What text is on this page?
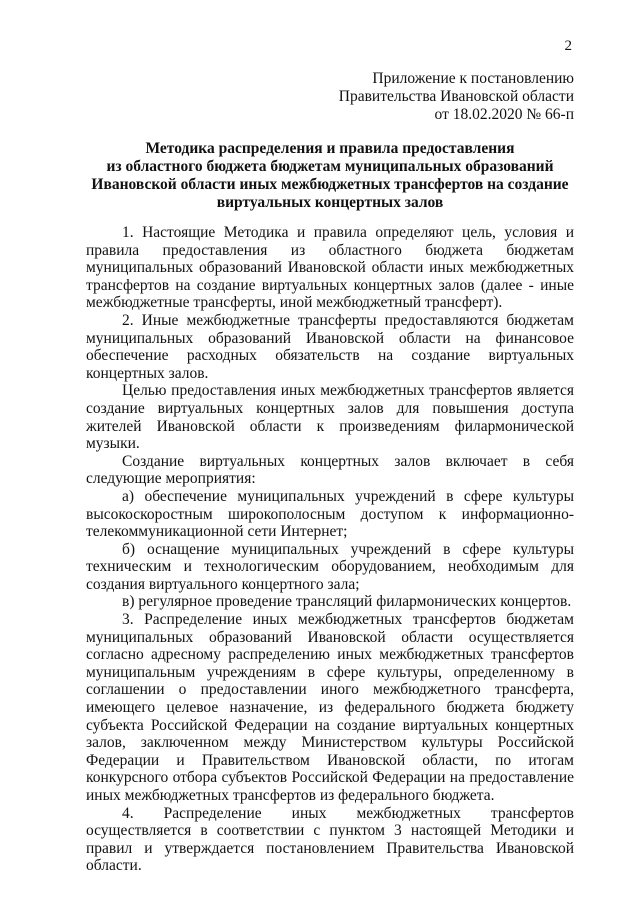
2
Приложение к постановлению
Правительства Ивановской области
от 18.02.2020 № 66-п
Методика распределения и правила предоставления
из областного бюджета бюджетам муниципальных образований
Ивановской области иных межбюджетных трансфертов на создание
виртуальных концертных залов

1. Настоящие Методика и правила определяют цель, условия и правила предоставления из областного бюджета бюджетам муниципальных образований Ивановской области иных межбюджетных трансфертов на создание виртуальных концертных залов (далее - иные межбюджетные трансферты, иной межбюджетный трансферт).

2. Иные межбюджетные трансферты предоставляются бюджетам муниципальных образований Ивановской области на финансовое обеспечение расходных обязательств на создание виртуальных концертных залов.

Целью предоставления иных межбюджетных трансфертов является создание виртуальных концертных залов для повышения доступа жителей Ивановской области к произведениям филармонической музыки.

Создание виртуальных концертных залов включает в себя следующие мероприятия:

а) обеспечение муниципальных учреждений в сфере культуры высокоскоростным широкополосным доступом к информационно-телекоммуникационной сети Интернет;

б) оснащение муниципальных учреждений в сфере культуры техническим и технологическим оборудованием, необходимым для создания виртуального концертного зала;

в) регулярное проведение трансляций филармонических концертов.

3. Распределение иных межбюджетных трансфертов бюджетам муниципальных образований Ивановской области осуществляется согласно адресному распределению иных межбюджетных трансфертов муниципальным учреждениям в сфере культуры, определенному в соглашении о предоставлении иного межбюджетного трансферта, имеющего целевое назначение, из федерального бюджета бюджету субъекта Российской Федерации на создание виртуальных концертных залов, заключенном между Министерством культуры Российской Федерации и Правительством Ивановской области, по итогам конкурсного отбора субъектов Российской Федерации на предоставление иных межбюджетных трансфертов из федерального бюджета.

4. Распределение иных межбюджетных трансфертов осуществляется в соответствии с пунктом 3 настоящей Методики и правил и утверждается постановлением Правительства Ивановской области.
